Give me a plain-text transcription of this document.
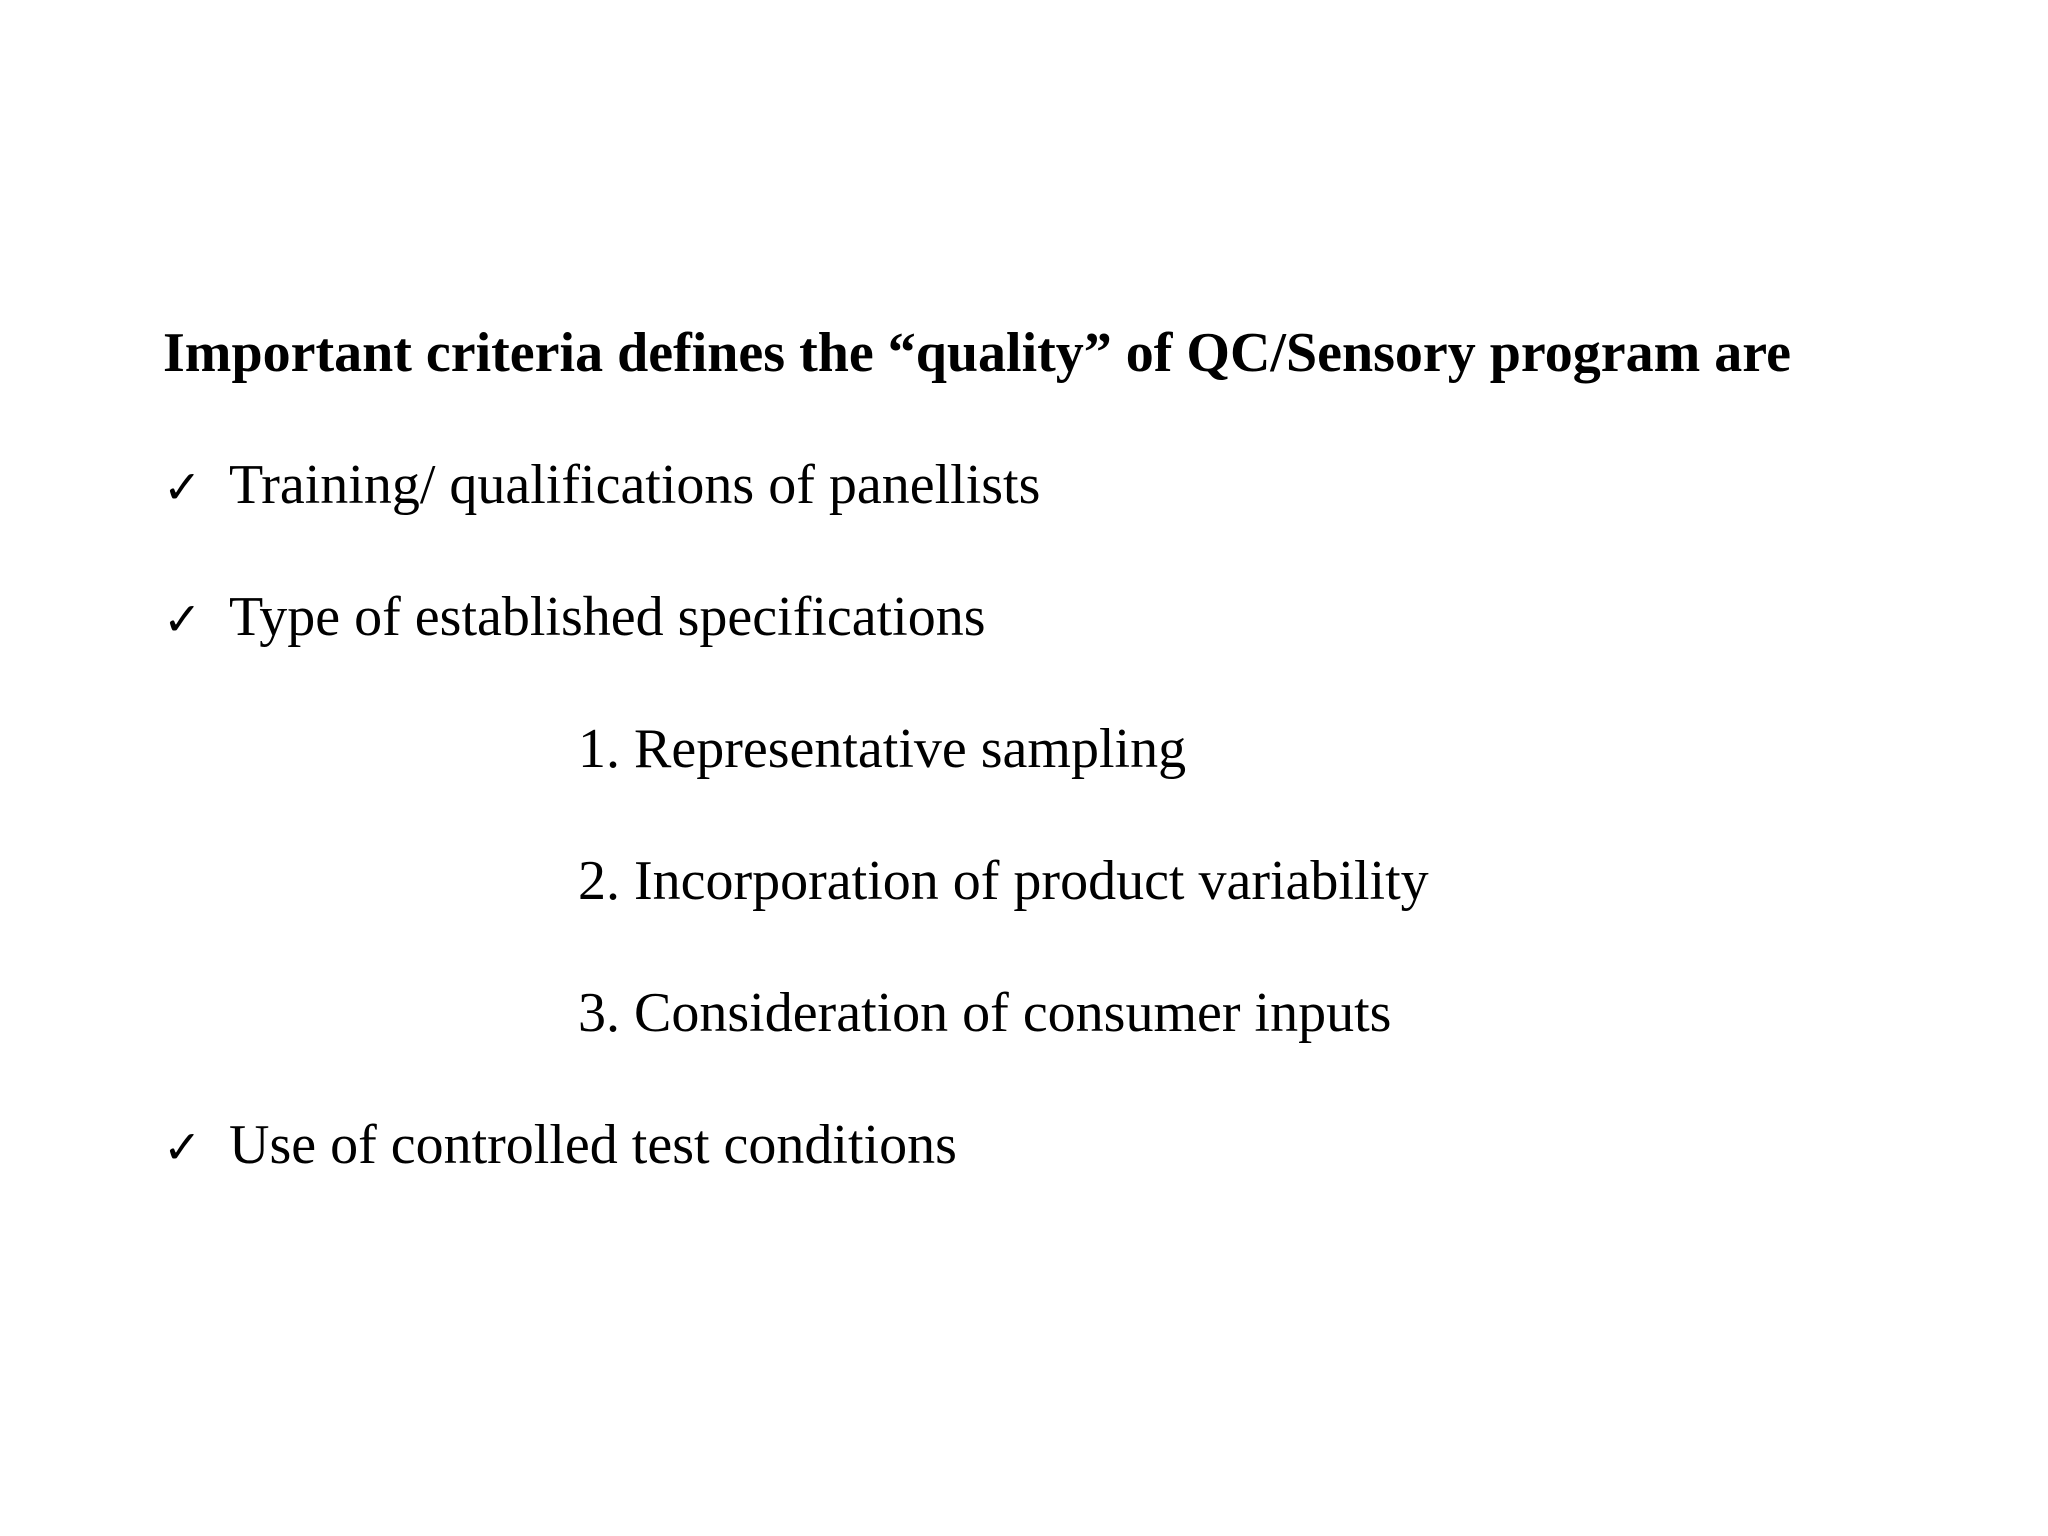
Important criteria defines the “quality” of QC/Sensory program are
✓ Training/ qualifications of panellists
✓ Type of established specifications
1. Representative sampling
2. Incorporation of product variability
3. Consideration of consumer inputs
✓ Use of controlled test conditions
